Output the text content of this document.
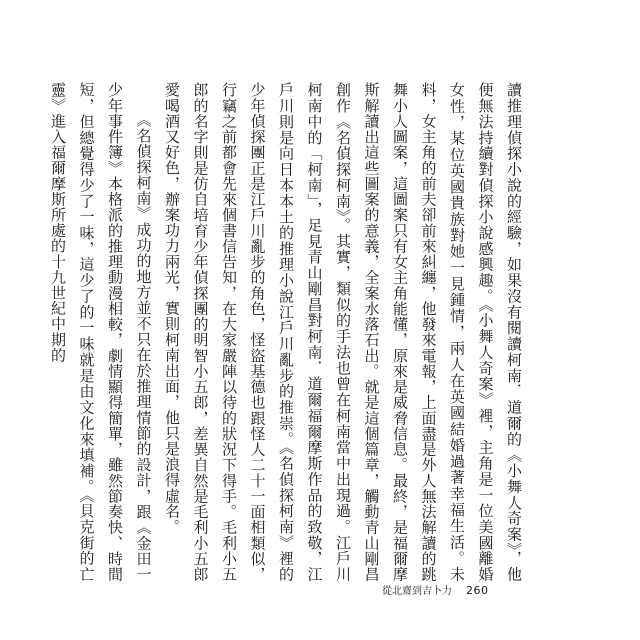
讀推理偵探小說的經驗，如果沒有閱讀柯南．道爾的《小舞人奇案》，他便無法持續對偵探小說感興趣。《小舞人奇案》裡，主角是一位美國離婚女性，某位英國貴族對她一見鍾情，兩人在英國結婚過著幸福生活。未料，女主角的前夫卻前來糾纏，他發來電報，上面盡是外人無法解讀的跳舞小人圖案，這圖案只有女主角能懂，原來是威脅信息。最終，是福爾摩斯解讀出這些圖案的意義，全案水落石出。就是這個篇章，觸動青山剛昌創作《名偵探柯南》。其實，類似的手法也曾在柯南當中出現過。江戶川柯南中的「柯南」，足見青山剛昌對柯南．道爾福爾摩斯作品的致敬，江戶川則是向日本本土的推理小說江戶川亂步的推崇。《名偵探柯南》裡的少年偵探團正是江戶川亂步的角色，怪盜基德也跟怪人二十一面相類似，行竊之前都會先來個書信告知，在大家嚴陣以待的狀況下得手。毛利小五郎的名字則是仿自培育少年偵探團的明智小五郎，差異自然是毛利小五郎愛喝酒又好色，辦案功力兩光，實則柯南出面，他只是浪得虛名。

《名偵探柯南》成功的地方並不只在於推理情節的設計，跟《金田一少年事件簿》本格派的推理動漫相較，劇情顯得簡單，雖然節奏快、時間短，但總覺得少了一味，這少了的一味就是由文化來填補。《貝克街的亡靈》進入福爾摩斯所處的十九世紀中期的

從北齋到吉卜力 260
